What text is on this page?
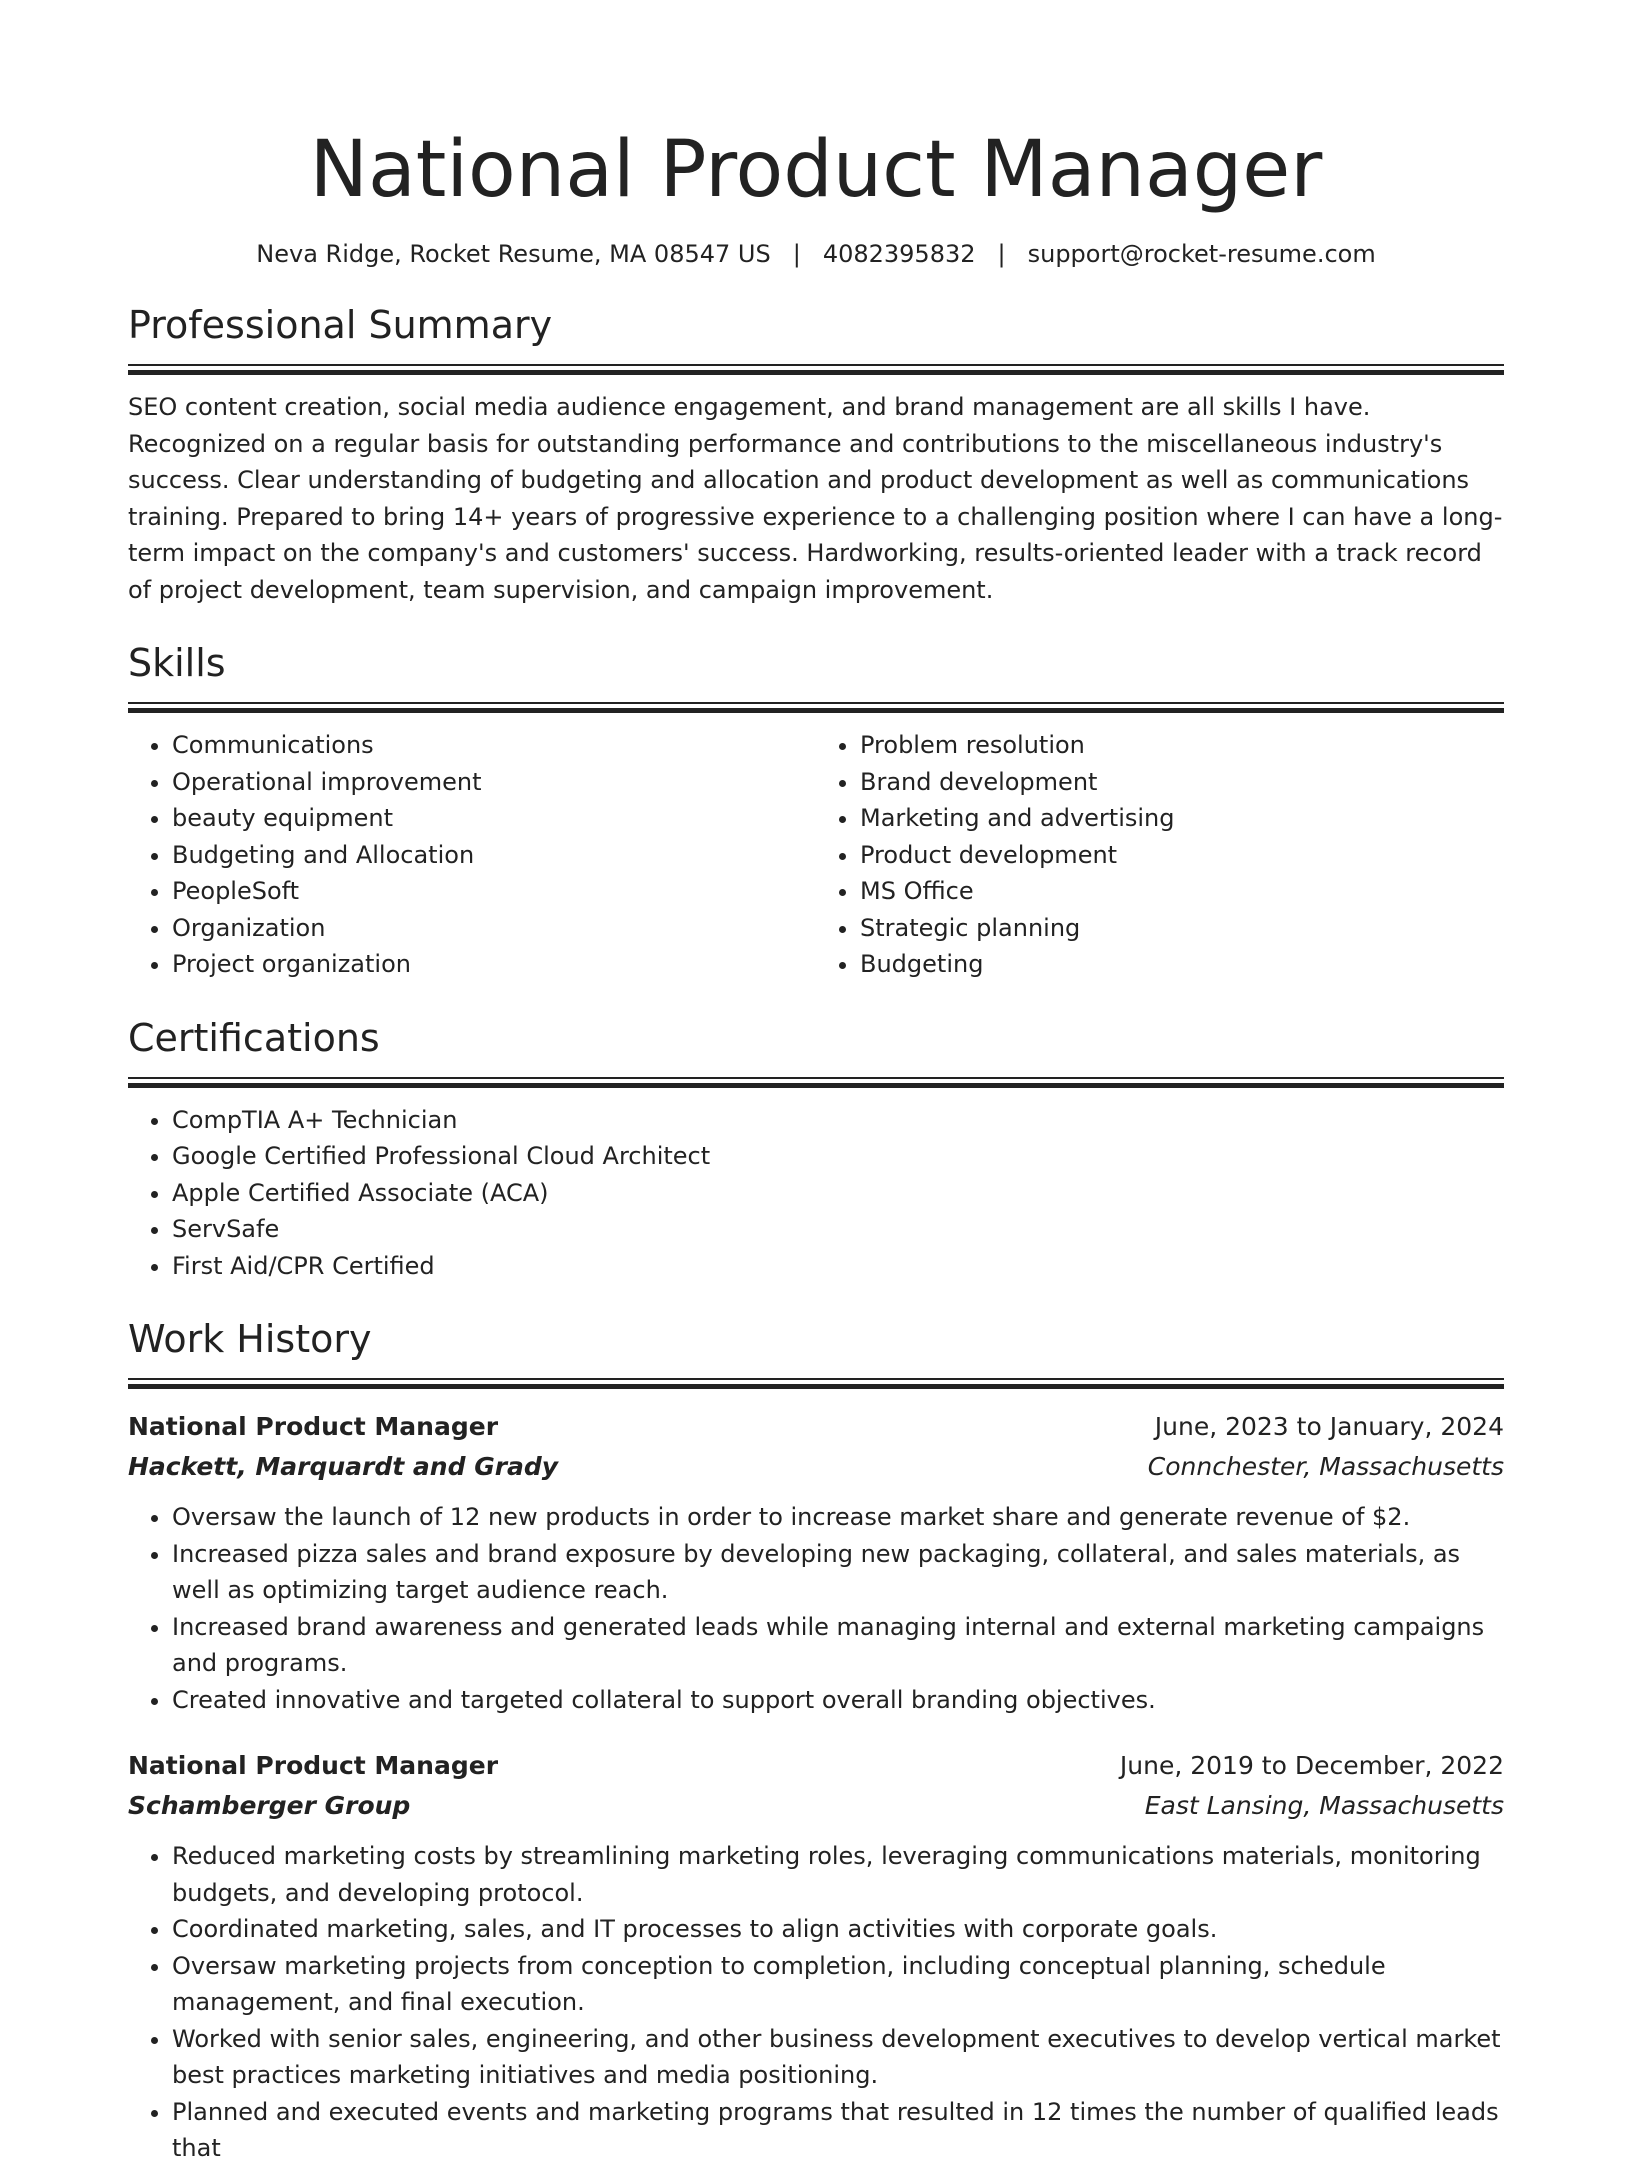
National Product Manager
Neva Ridge, Rocket Resume, MA 08547 US | 4082395832 | support@rocket-resume.com
Professional Summary

SEO content creation, social media audience engagement, and brand management are all skills I have. Recognized on a regular basis for outstanding performance and contributions to the miscellaneous industry's success. Clear understanding of budgeting and allocation and product development as well as communications training. Prepared to bring 14+ years of progressive experience to a challenging position where I can have a long-term impact on the company's and customers' success. Hardworking, results-oriented leader with a track record of project development, team supervision, and campaign improvement.

Skills
• Communications
• Operational improvement
• beauty equipment
• Budgeting and Allocation
• PeopleSoft
• Organization
• Project organization
• Problem resolution
• Brand development
• Marketing and advertising
• Product development
• MS Office
• Strategic planning
• Budgeting
Certifications
• CompTIA A+ Technician
• Google Certified Professional Cloud Architect
• Apple Certified Associate (ACA)
• ServSafe
• First Aid/CPR Certified
Work History
National Product Manager	June, 2023 to January, 2024
Hackett, Marquardt and Grady	Connchester, Massachusetts
• Oversaw the launch of 12 new products in order to increase market share and generate revenue of $2.
• Increased pizza sales and brand exposure by developing new packaging, collateral, and sales materials, as well as optimizing target audience reach.
• Increased brand awareness and generated leads while managing internal and external marketing campaigns and programs.
• Created innovative and targeted collateral to support overall branding objectives.
National Product Manager	June, 2019 to December, 2022
Schamberger Group	East Lansing, Massachusetts
• Reduced marketing costs by streamlining marketing roles, leveraging communications materials, monitoring budgets, and developing protocol.
• Coordinated marketing, sales, and IT processes to align activities with corporate goals.
• Oversaw marketing projects from conception to completion, including conceptual planning, schedule management, and final execution.
• Worked with senior sales, engineering, and other business development executives to develop vertical market best practices marketing initiatives and media positioning.
• Planned and executed events and marketing programs that resulted in 12 times the number of qualified leads that
